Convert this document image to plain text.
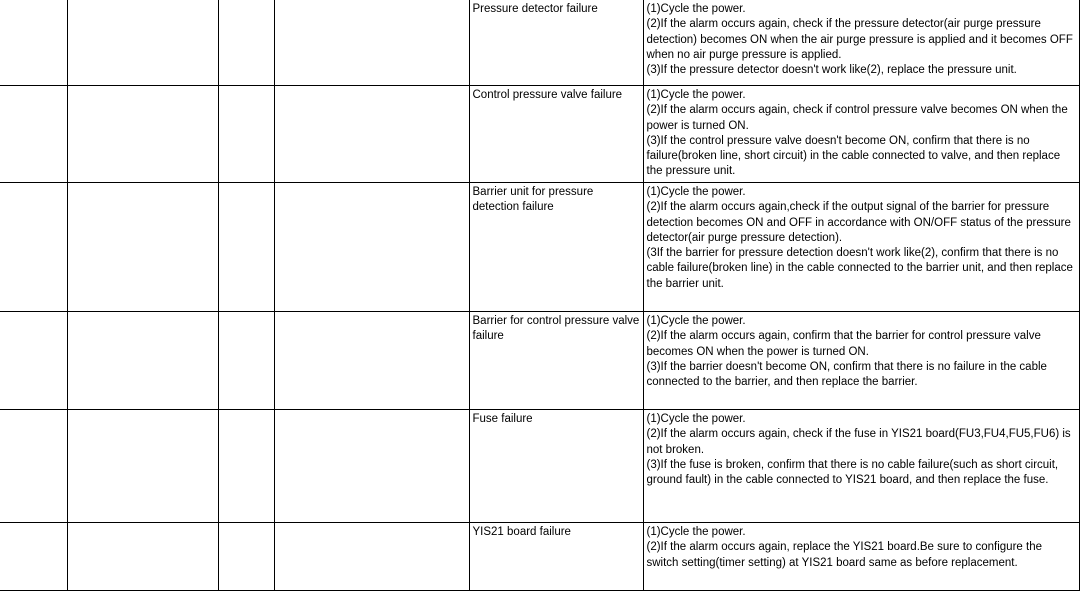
				Pressure detector failure	(1)Cycle the power.
(2)If the alarm occurs again, check if the pressure detector(air purge pressure detection) becomes ON when the air purge pressure is applied and it becomes OFF when no air purge pressure is applied.
(3)If the pressure detector doesn't work like(2), replace the pressure unit.

				Control pressure valve failure	(1)Cycle the power.
(2)If the alarm occurs again, check if control pressure valve becomes ON when the power is turned ON.
(3)If the control pressure valve doesn't become ON, confirm that there is no failure(broken line, short circuit) in the cable connected to valve, and then replace the pressure unit.

				Barrier unit for pressure detection failure	(1)Cycle the power.
(2)If the alarm occurs again,check if the output signal of the barrier for pressure detection becomes ON and OFF in accordance with ON/OFF status of the pressure detector(air purge pressure detection).
(3If the barrier for pressure detection doesn't work like(2), confirm that there is no cable failure(broken line) in the cable connected to the barrier unit, and then replace the barrier unit.

				Barrier for control pressure valve failure	(1)Cycle the power.
(2)If the alarm occurs again, confirm that the barrier for control pressure valve becomes ON when the power is turned ON.
(3)If the barrier doesn't become ON, confirm that there is no failure in the cable connected to the barrier, and then replace the barrier.

				Fuse failure	(1)Cycle the power.
(2)If the alarm occurs again, check if the fuse in YIS21 board(FU3,FU4,FU5,FU6) is not broken.
(3)If the fuse is broken, confirm that there is no cable failure(such as short circuit, ground fault) in the cable connected to YIS21 board, and then replace the fuse.

				YIS21 board failure	(1)Cycle the power.
(2)If the alarm occurs again, replace the YIS21 board.Be sure to configure the switch setting(timer setting) at YIS21 board same as before replacement.
